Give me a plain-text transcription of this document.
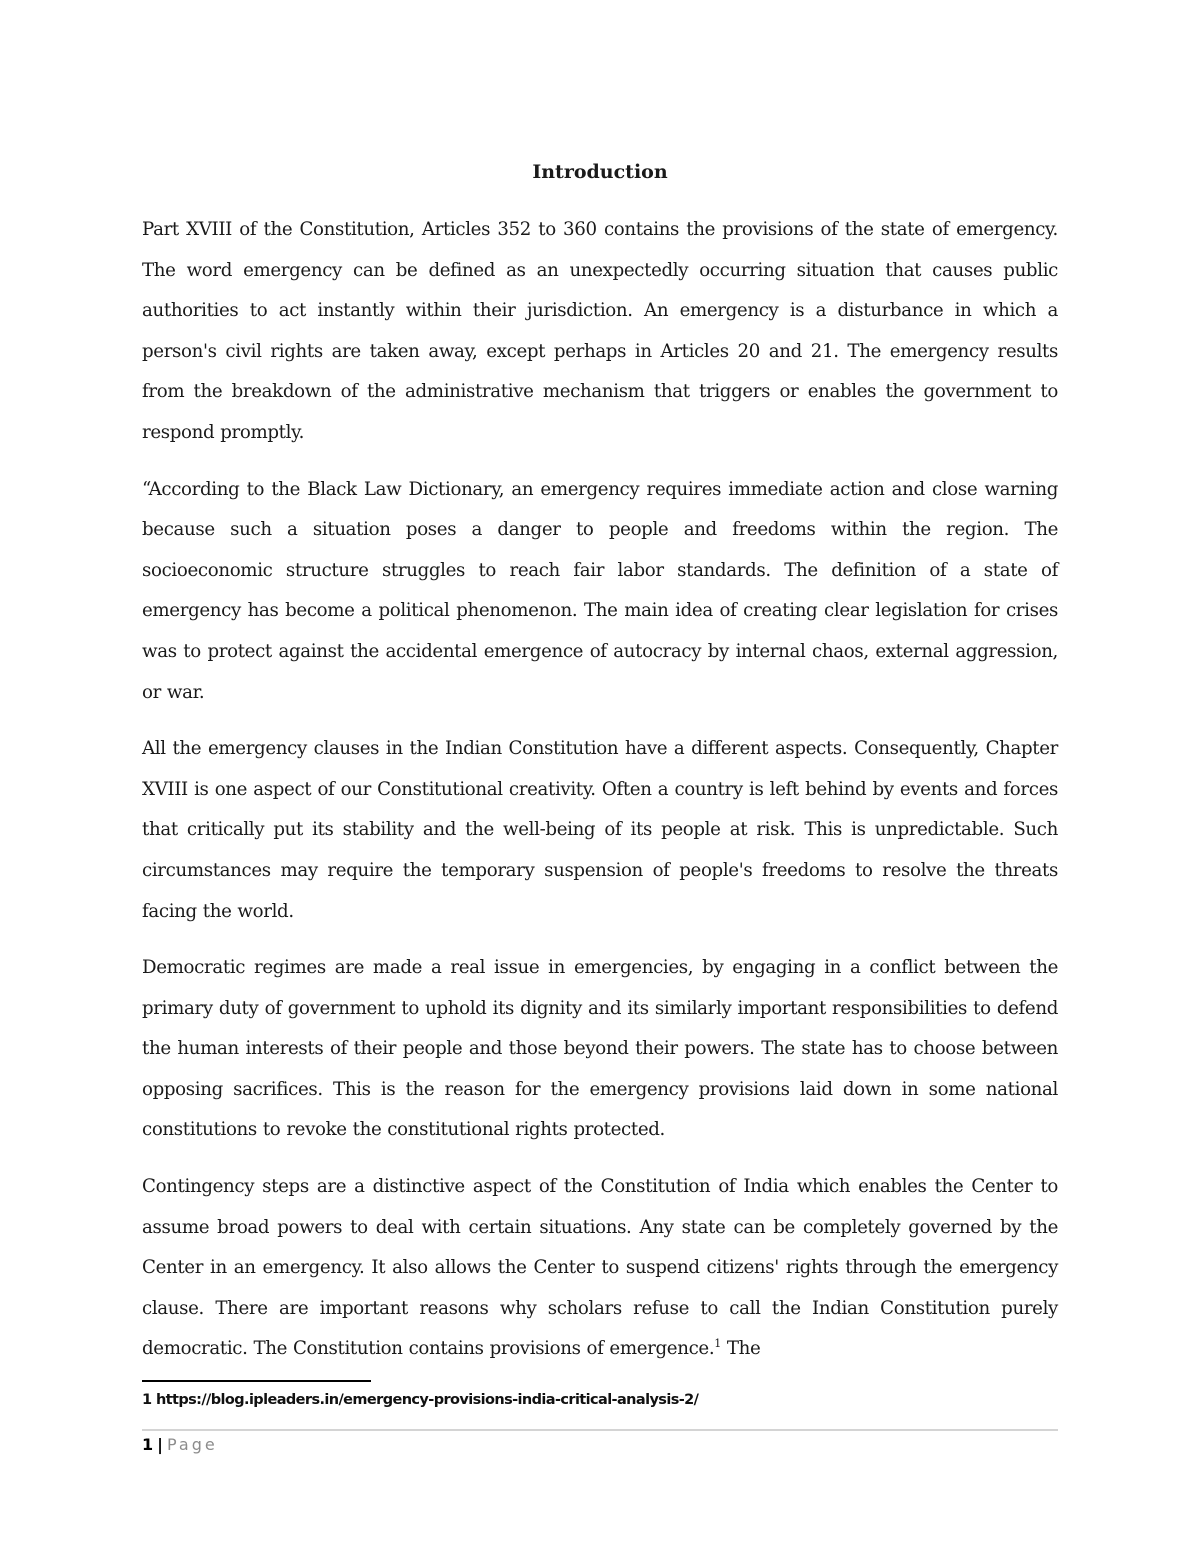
Introduction

Part XVIII of the Constitution, Articles 352 to 360 contains the provisions of the state of emergency. The word emergency can be defined as an unexpectedly occurring situation that causes public authorities to act instantly within their jurisdiction. An emergency is a disturbance in which a person's civil rights are taken away, except perhaps in Articles 20 and 21. The emergency results from the breakdown of the administrative mechanism that triggers or enables the government to respond promptly.

“According to the Black Law Dictionary, an emergency requires immediate action and close warning because such a situation poses a danger to people and freedoms within the region. The socioeconomic structure struggles to reach fair labor standards. The definition of a state of emergency has become a political phenomenon. The main idea of creating clear legislation for crises was to protect against the accidental emergence of autocracy by internal chaos, external aggression, or war.

All the emergency clauses in the Indian Constitution have a different aspects. Consequently, Chapter XVIII is one aspect of our Constitutional creativity. Often a country is left behind by events and forces that critically put its stability and the well-being of its people at risk. This is unpredictable. Such circumstances may require the temporary suspension of people's freedoms to resolve the threats facing the world.

Democratic regimes are made a real issue in emergencies, by engaging in a conflict between the primary duty of government to uphold its dignity and its similarly important responsibilities to defend the human interests of their people and those beyond their powers. The state has to choose between opposing sacrifices. This is the reason for the emergency provisions laid down in some national constitutions to revoke the constitutional rights protected.

Contingency steps are a distinctive aspect of the Constitution of India which enables the Center to assume broad powers to deal with certain situations. Any state can be completely governed by the Center in an emergency. It also allows the Center to suspend citizens' rights through the emergency clause. There are important reasons why scholars refuse to call the Indian Constitution purely democratic. The Constitution contains provisions of emergence.$^1$ The

1 https://blog.ipleaders.in/emergency-provisions-india-critical-analysis-2/
1 | Page
